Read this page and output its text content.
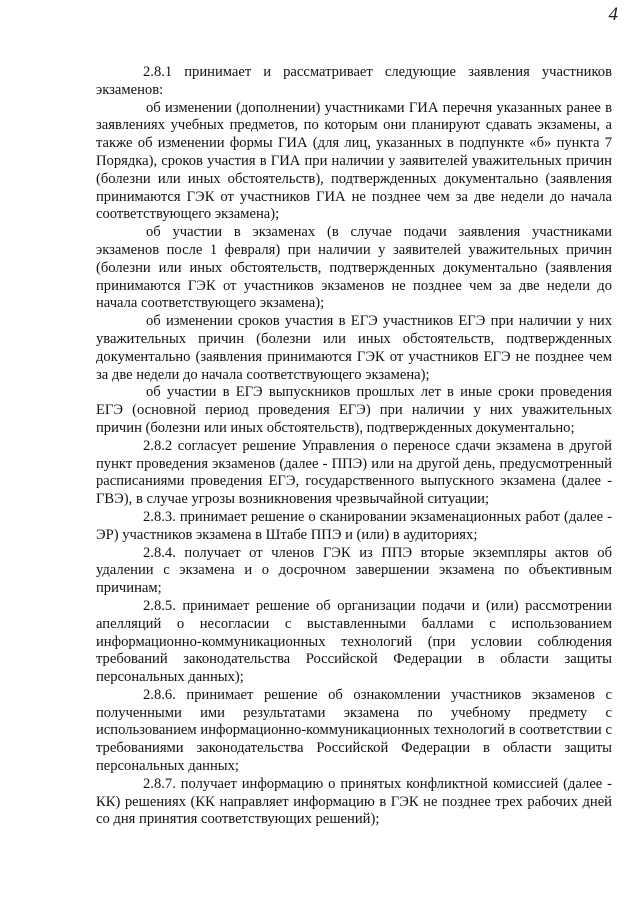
4

2.8.1 принимает и рассматривает следующие заявления участников экзаменов:

об изменении (дополнении) участниками ГИА перечня указанных ранее в заявлениях учебных предметов, по которым они планируют сдавать экзамены, а также об изменении формы ГИА (для лиц, указанных в подпункте «б» пункта 7 Порядка), сроков участия в ГИА при наличии у заявителей уважительных причин (болезни или иных обстоятельств), подтвержденных документально (заявления принимаются ГЭК от участников ГИА не позднее чем за две недели до начала соответствующего экзамена);

об участии в экзаменах (в случае подачи заявления участниками экзаменов после 1 февраля) при наличии у заявителей уважительных причин (болезни или иных обстоятельств, подтвержденных документально (заявления принимаются ГЭК от участников экзаменов не позднее чем за две недели до начала соответствующего экзамена);

об изменении сроков участия в ЕГЭ участников ЕГЭ при наличии у них уважительных причин (болезни или иных обстоятельств, подтвержденных документально (заявления принимаются ГЭК от участников ЕГЭ не позднее чем за две недели до начала соответствующего экзамена);

об участии в ЕГЭ выпускников прошлых лет в иные сроки проведения ЕГЭ (основной период проведения ЕГЭ) при наличии у них уважительных причин (болезни или иных обстоятельств), подтвержденных документально;

2.8.2 согласует решение Управления о переносе сдачи экзамена в другой пункт проведения экзаменов (далее - ППЭ) или на другой день, предусмотренный расписаниями проведения ЕГЭ, государственного выпускного экзамена (далее - ГВЭ), в случае угрозы возникновения чрезвычайной ситуации;

2.8.3. принимает решение о сканировании экзаменационных работ (далее - ЭР) участников экзамена в Штабе ППЭ и (или) в аудиториях;

2.8.4. получает от членов ГЭК из ППЭ вторые экземпляры актов об удалении с экзамена и о досрочном завершении экзамена по объективным причинам;

2.8.5. принимает решение об организации подачи и (или) рассмотрении апелляций о несогласии с выставленными баллами с использованием информационно-коммуникационных технологий (при условии соблюдения требований законодательства Российской Федерации в области защиты персональных данных);

2.8.6. принимает решение об ознакомлении участников экзаменов с полученными ими результатами экзамена по учебному предмету с использованием информационно-коммуникационных технологий в соответствии с требованиями законодательства Российской Федерации в области защиты персональных данных;

2.8.7. получает информацию о принятых конфликтной комиссией (далее - КК) решениях (КК направляет информацию в ГЭК не позднее трех рабочих дней со дня принятия соответствующих решений);
